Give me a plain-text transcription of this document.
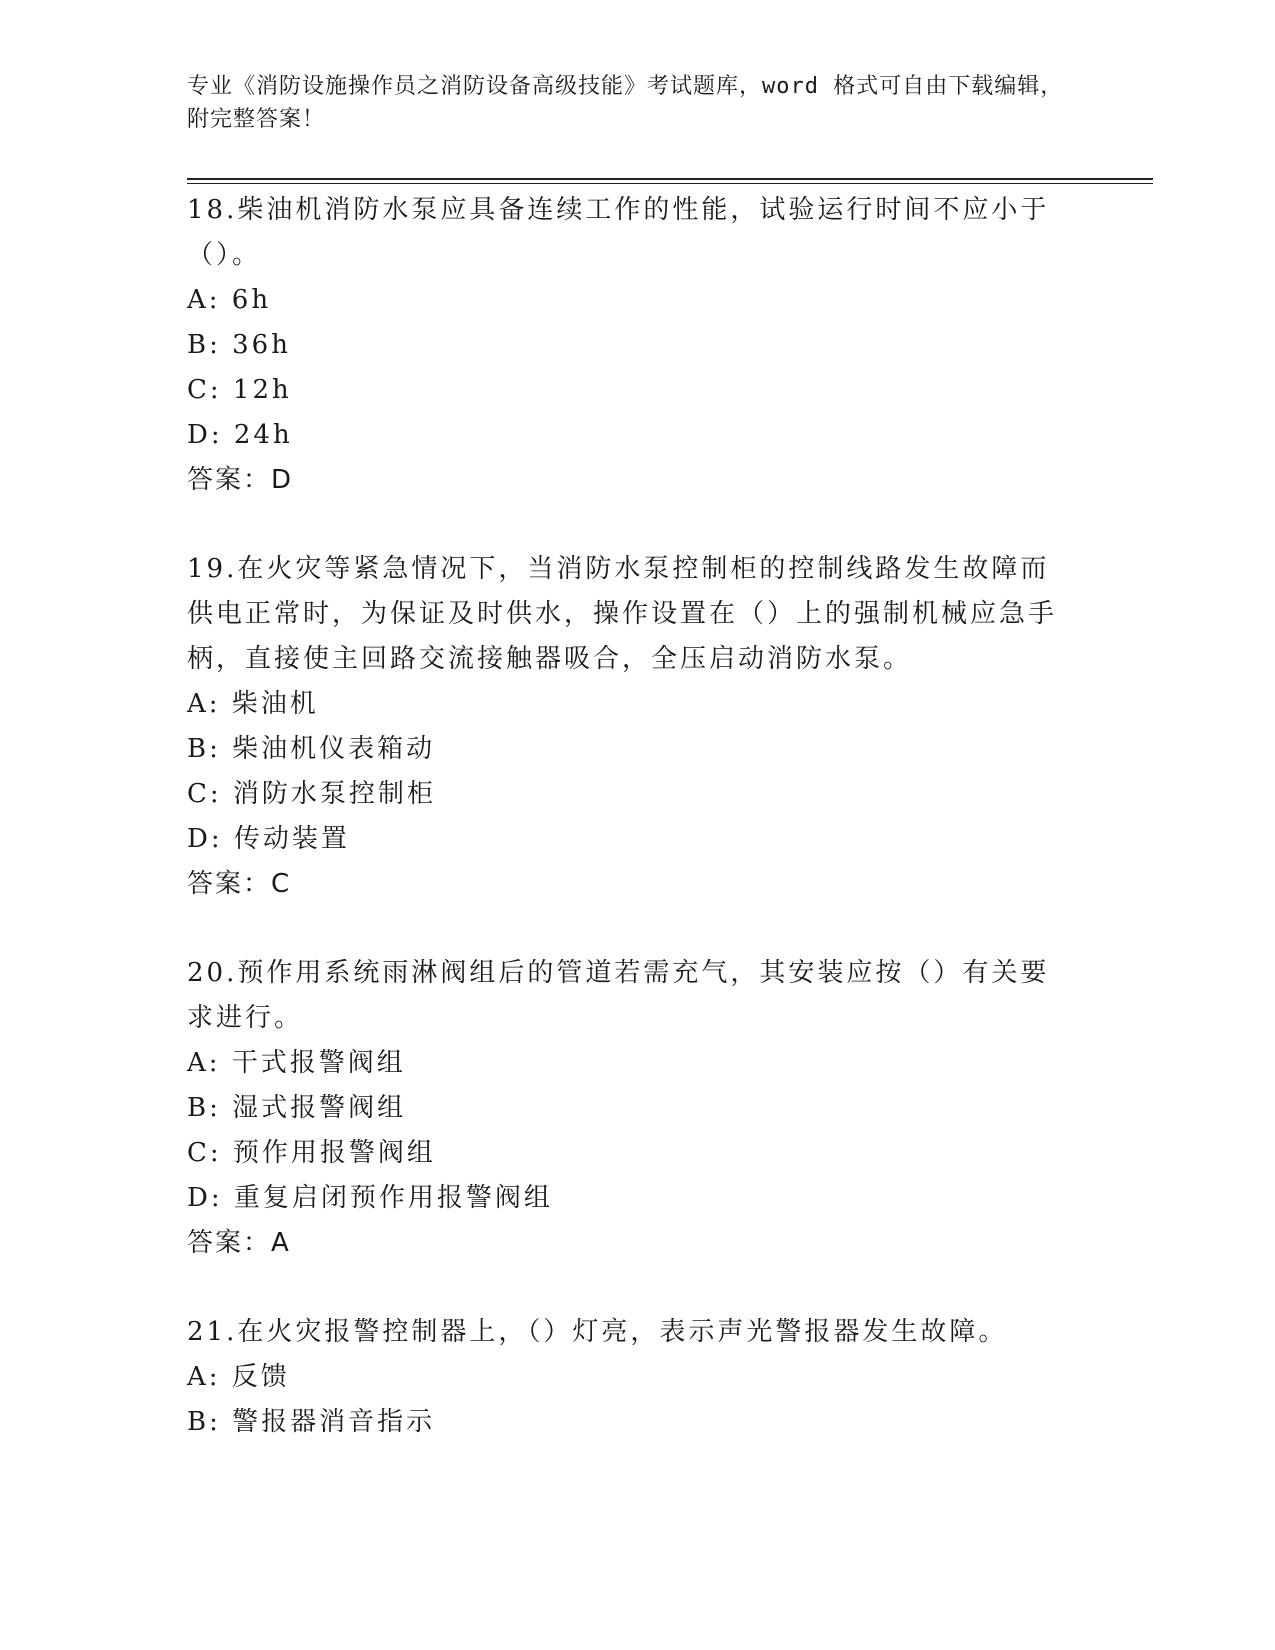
专业《消防设施操作员之消防设备高级技能》考试题库，word 格式可自由下载编辑，附完整答案！

18.柴油机消防水泵应具备连续工作的性能，试验运行时间不应小于（）。

A: 6h

B: 36h

C: 12h

D: 24h

答案：D

19.在火灾等紧急情况下，当消防水泵控制柜的控制线路发生故障而供电正常时，为保证及时供水，操作设置在（）上的强制机械应急手柄，直接使主回路交流接触器吸合，全压启动消防水泵。

A: 柴油机

B: 柴油机仪表箱动

C: 消防水泵控制柜

D: 传动装置

答案：C

20.预作用系统雨淋阀组后的管道若需充气，其安装应按（）有关要求进行。

A: 干式报警阀组

B: 湿式报警阀组

C: 预作用报警阀组

D: 重复启闭预作用报警阀组

答案：A

21.在火灾报警控制器上，（）灯亮，表示声光警报器发生故障。

A: 反馈

B: 警报器消音指示
